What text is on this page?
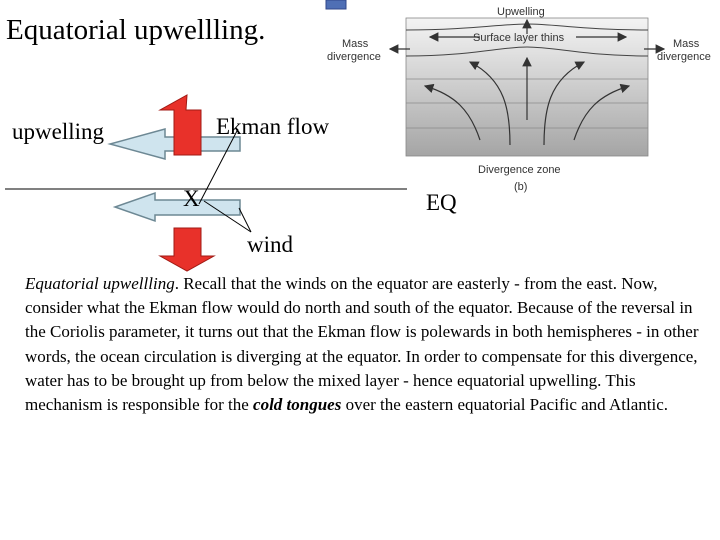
Equatorial upwellling.
Upwelling
Surface layer thins
Mass
divergence
Mass
divergence
Divergence zone
(b)
upwelling	Ekman flow
X	EQ
wind
Equatorial upwellling. Recall that the winds on the equator are easterly - from the east. Now, consider what the Ekman flow would do north and south of the equator. Because of the reversal in the Coriolis parameter, it turns out that the Ekman flow is polewards in both hemispheres - in other words, the ocean circulation is diverging at the equator. In order to compensate for this divergence, water has to be brought up from below the mixed layer - hence equatorial upwelling. This mechanism is responsible for the cold tongues over the eastern equatorial Pacific and Atlantic.
